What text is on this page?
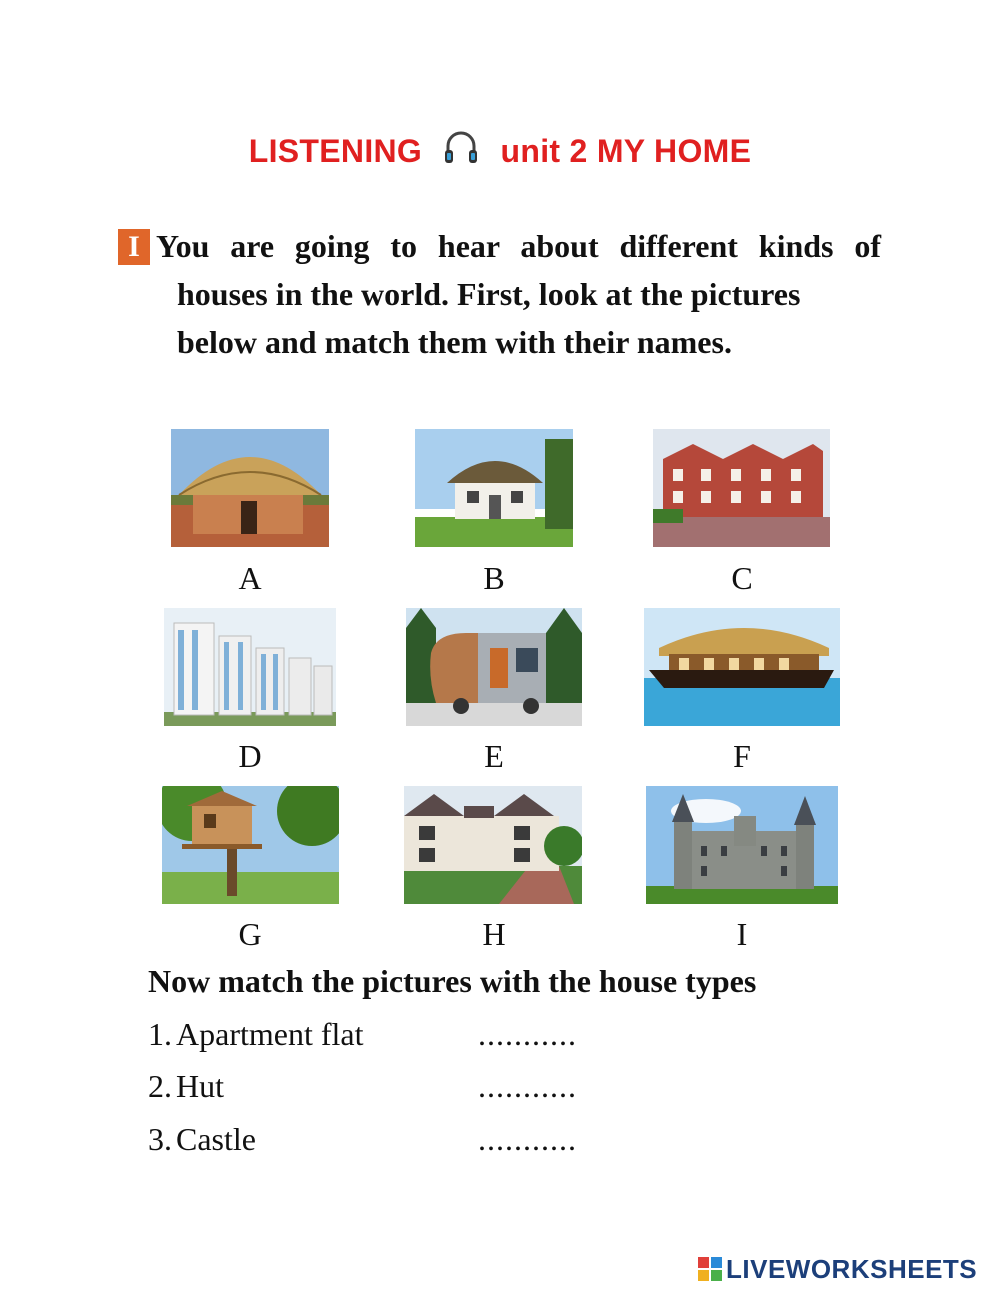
LISTENING unit 2 MY HOME
I You are going to hear about different kinds of
houses in the world. First, look at the pictures
below and match them with their names.
A	B	C
D	E	F
G	H	I
Now match the pictures with the house types
1. Apartment flat	...........
2. Hut	...........
3. Castle	...........
LIVEWORKSHEETS
